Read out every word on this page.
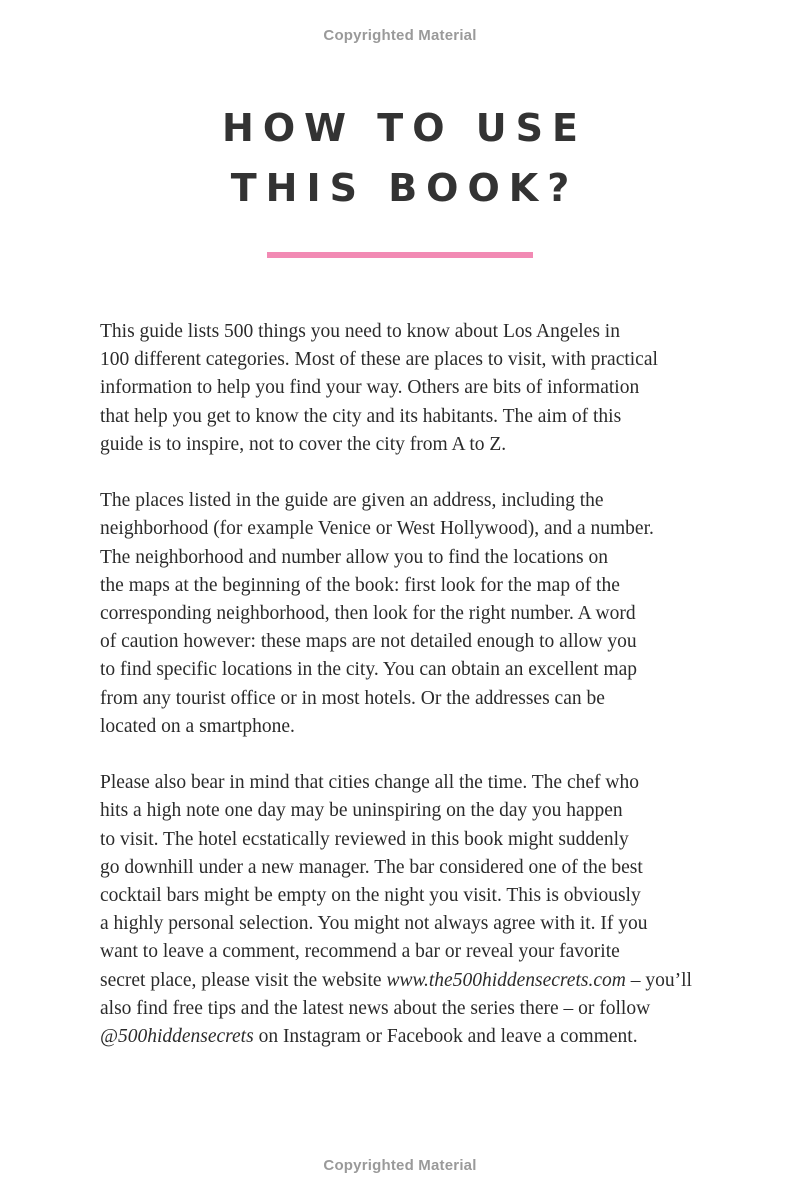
Copyrighted Material
HOW TO USE
THIS BOOK?

This guide lists 500 things you need to know about Los Angeles in
100 different categories. Most of these are places to visit, with practical
information to help you find your way. Others are bits of information
that help you get to know the city and its habitants. The aim of this
guide is to inspire, not to cover the city from A to Z.

The places listed in the guide are given an address, including the
neighborhood (for example Venice or West Hollywood), and a number.
The neighborhood and number allow you to find the locations on
the maps at the beginning of the book: first look for the map of the
corresponding neighborhood, then look for the right number. A word
of caution however: these maps are not detailed enough to allow you
to find specific locations in the city. You can obtain an excellent map
from any tourist office or in most hotels. Or the addresses can be
located on a smartphone.

Please also bear in mind that cities change all the time. The chef who
hits a high note one day may be uninspiring on the day you happen
to visit. The hotel ecstatically reviewed in this book might suddenly
go downhill under a new manager. The bar considered one of the best
cocktail bars might be empty on the night you visit. This is obviously
a highly personal selection. You might not always agree with it. If you
want to leave a comment, recommend a bar or reveal your favorite
secret place, please visit the website www.the500hiddensecrets.com – you’ll
also find free tips and the latest news about the series there – or follow
@500hiddensecrets on Instagram or Facebook and leave a comment.

Copyrighted Material
